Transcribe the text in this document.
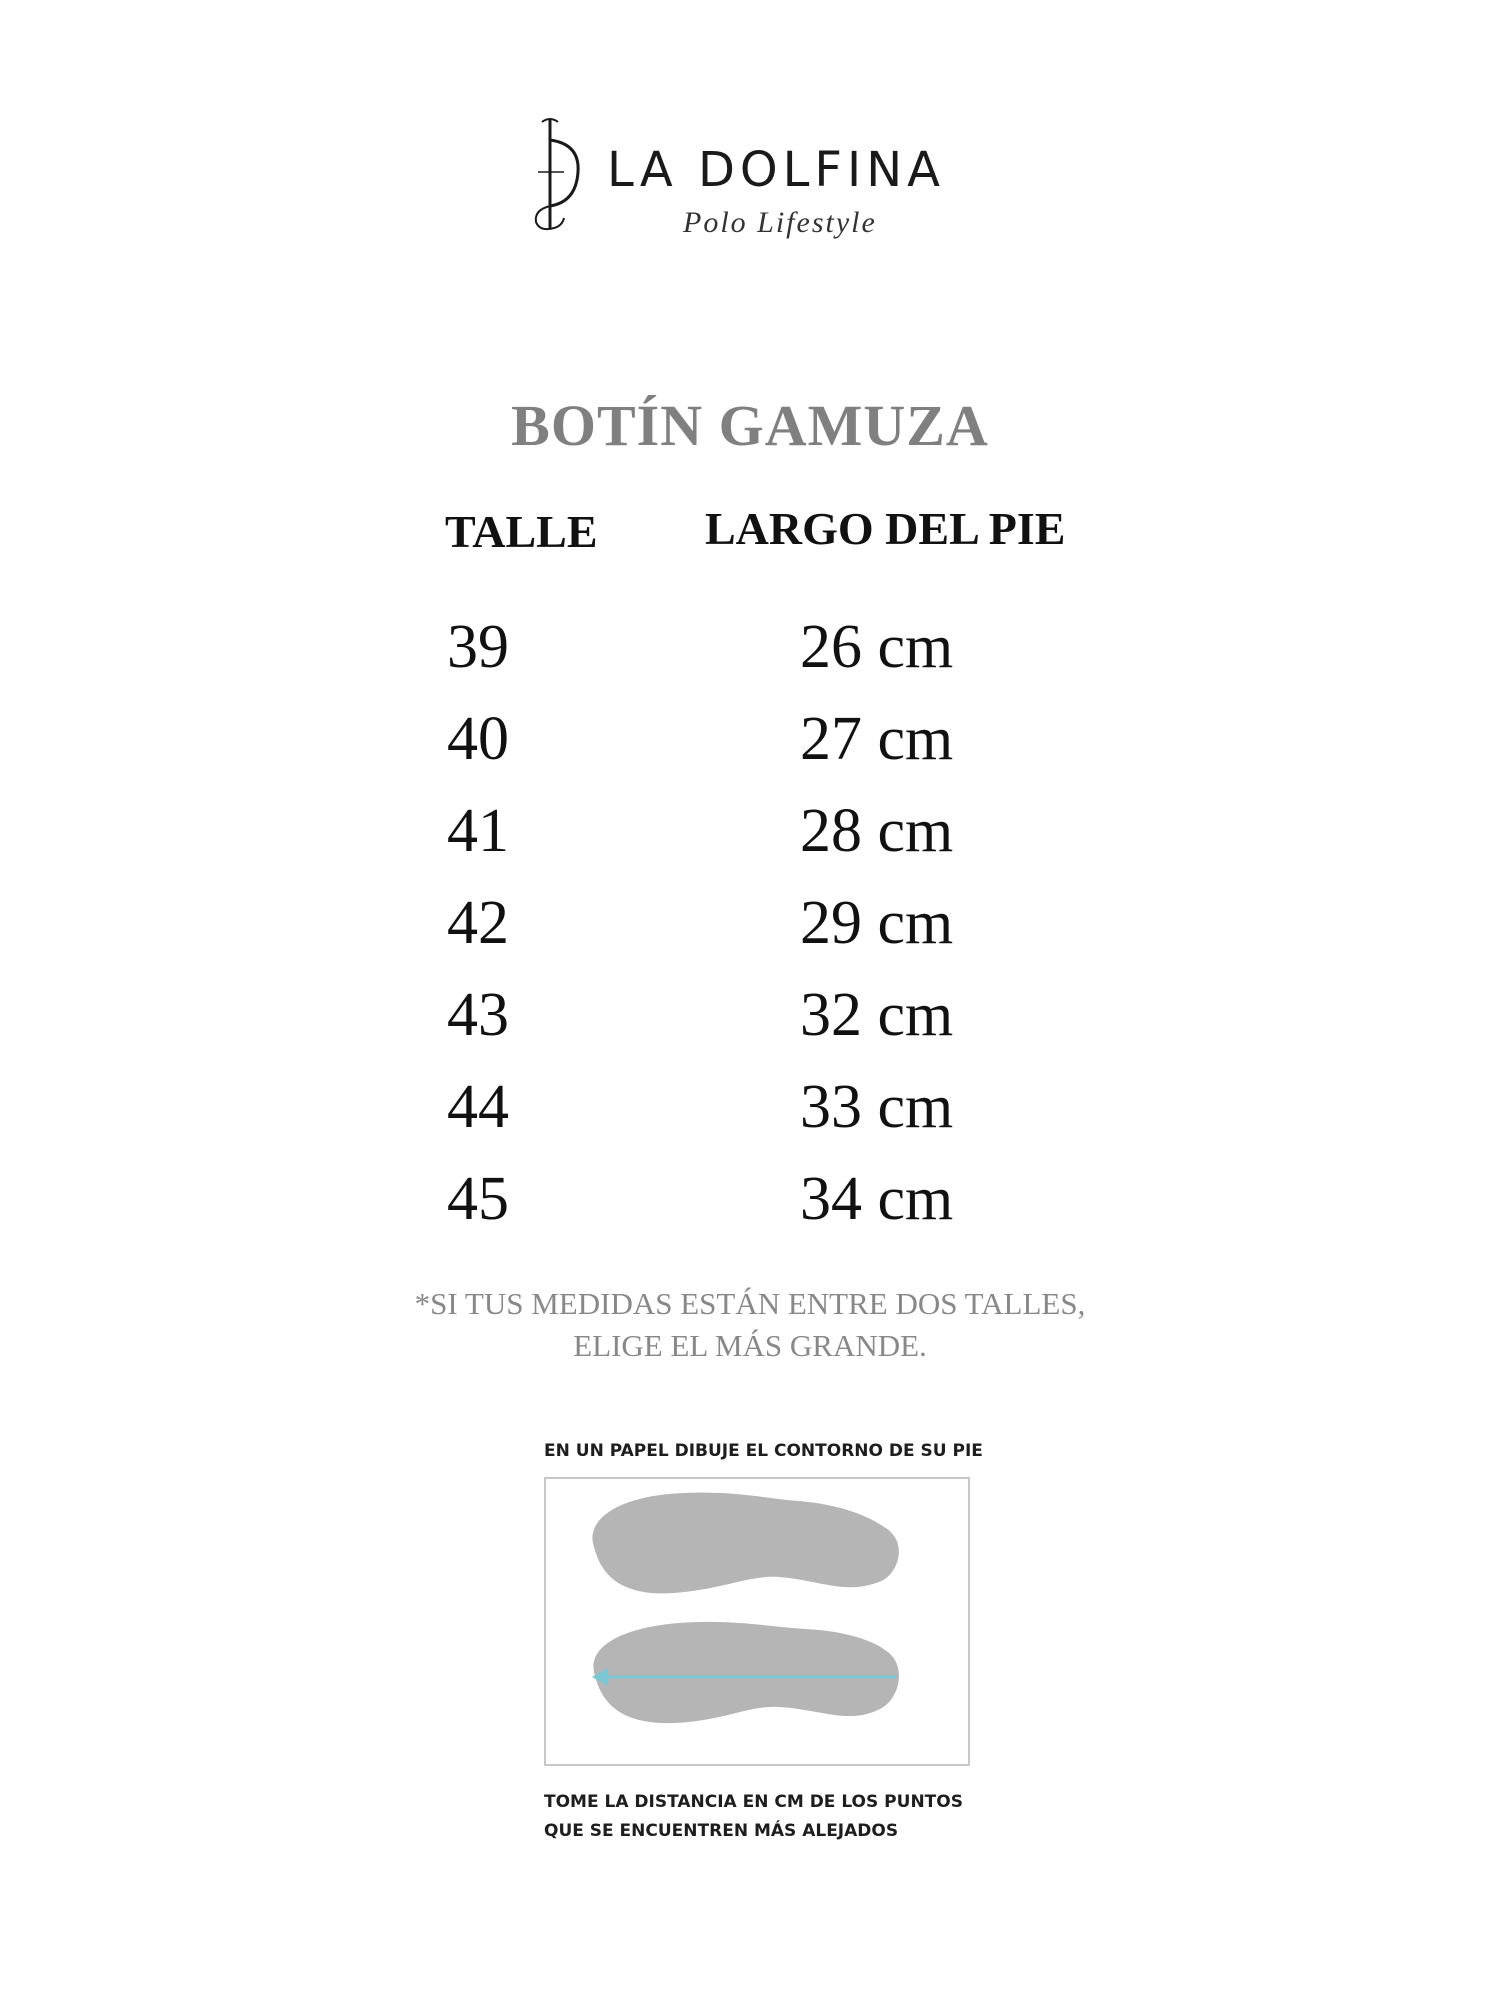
LA DOLFINA
Polo Lifestyle
BOTÍN GAMUZA
TALLE LARGO DEL PIE
39	26 cm
40	27 cm
41	28 cm
42	29 cm
43	32 cm
44	33 cm
45	34 cm
*SI TUS MEDIDAS ESTÁN ENTRE DOS TALLES,
ELIGE EL MÁS GRANDE.
EN UN PAPEL DIBUJE EL CONTORNO DE SU PIE
TOME LA DISTANCIA EN CM DE LOS PUNTOS
QUE SE ENCUENTREN MÁS ALEJADOS
